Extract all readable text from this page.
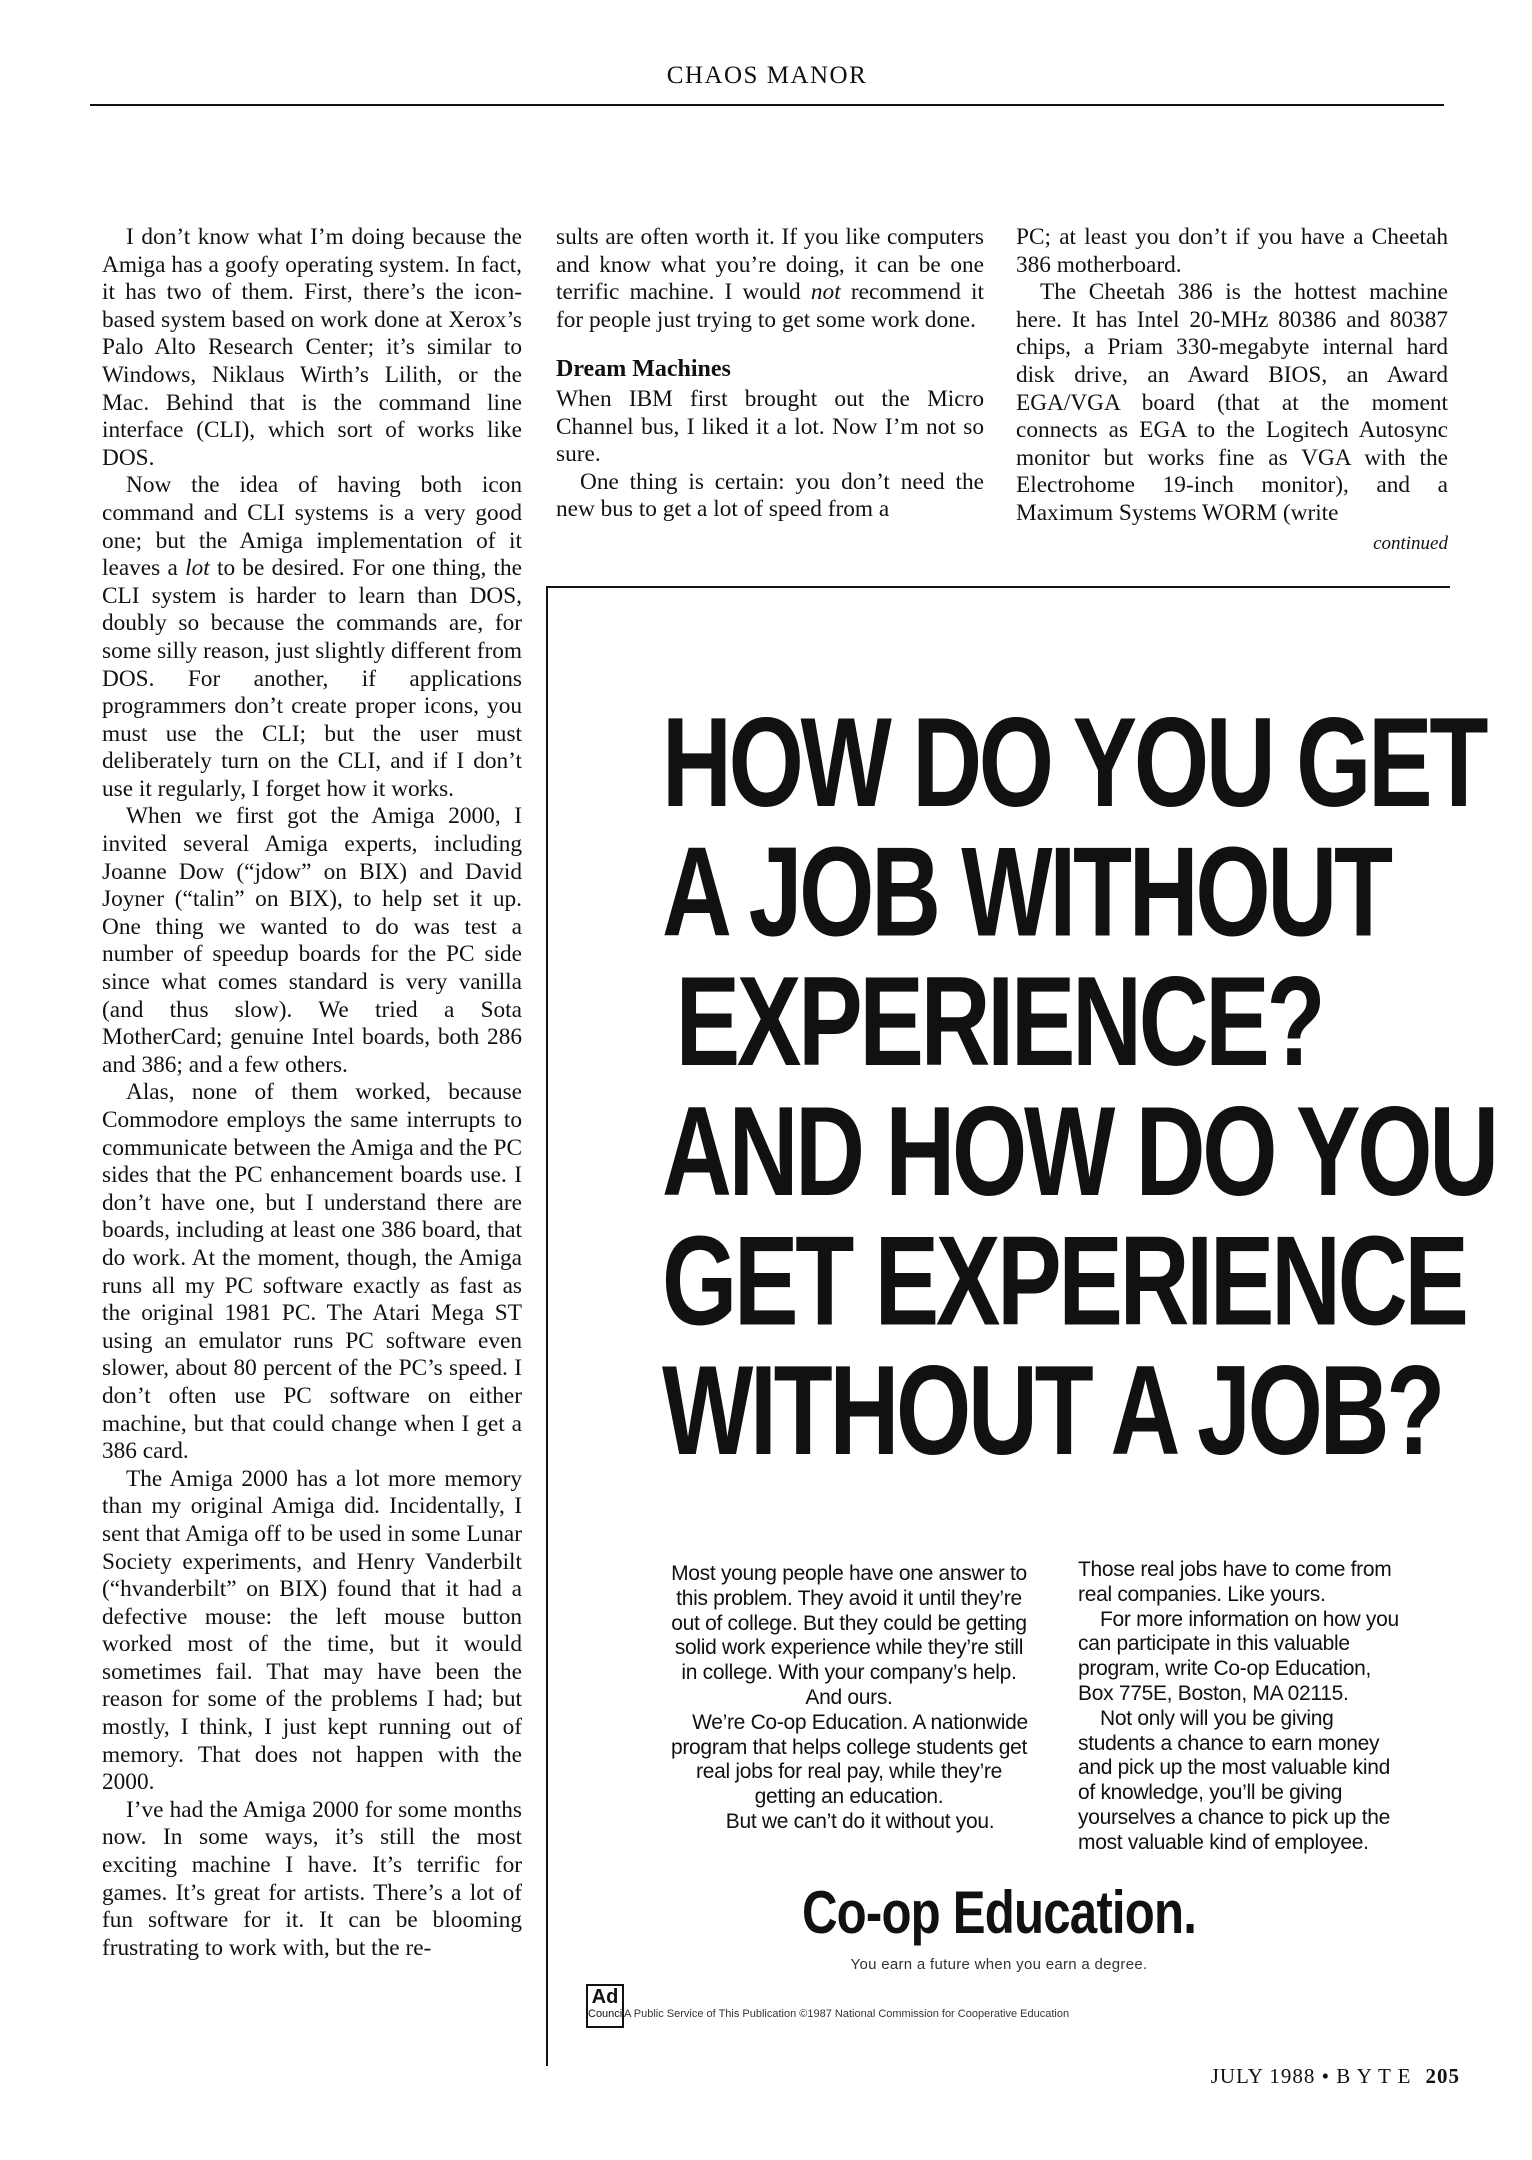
CHAOS MANOR

I don’t know what I’m doing because the Amiga has a goofy operating system. In fact, it has two of them. First, there’s the icon-based system based on work done at Xerox’s Palo Alto Research Center; it’s similar to Windows, Niklaus Wirth’s Lilith, or the Mac. Behind that is the command line interface (CLI), which sort of works like DOS.

Now the idea of having both icon command and CLI systems is a very good one; but the Amiga implementation of it leaves a lot to be desired. For one thing, the CLI system is harder to learn than DOS, doubly so because the commands are, for some silly reason, just slightly different from DOS. For another, if applications programmers don’t create proper icons, you must use the CLI; but the user must deliberately turn on the CLI, and if I don’t use it regularly, I forget how it works.

When we first got the Amiga 2000, I invited several Amiga experts, including Joanne Dow (“jdow” on BIX) and David Joyner (“talin” on BIX), to help set it up. One thing we wanted to do was test a number of speedup boards for the PC side since what comes standard is very vanilla (and thus slow). We tried a Sota MotherCard; genuine Intel boards, both 286 and 386; and a few others.

Alas, none of them worked, because Commodore employs the same interrupts to communicate between the Amiga and the PC sides that the PC enhancement boards use. I don’t have one, but I understand there are boards, including at least one 386 board, that do work. At the moment, though, the Amiga runs all my PC software exactly as fast as the original 1981 PC. The Atari Mega ST using an emulator runs PC software even slower, about 80 percent of the PC’s speed. I don’t often use PC software on either machine, but that could change when I get a 386 card.

The Amiga 2000 has a lot more memory than my original Amiga did. Incidentally, I sent that Amiga off to be used in some Lunar Society experiments, and Henry Vanderbilt (“hvanderbilt” on BIX) found that it had a defective mouse: the left mouse button worked most of the time, but it would sometimes fail. That may have been the reason for some of the problems I had; but mostly, I think, I just kept running out of memory. That does not happen with the 2000.

I’ve had the Amiga 2000 for some months now. In some ways, it’s still the most exciting machine I have. It’s terrific for games. It’s great for artists. There’s a lot of fun software for it. It can be blooming frustrating to work with, but the re-

sults are often worth it. If you like computers and know what you’re doing, it can be one terrific machine. I would not recommend it for people just trying to get some work done.

Dream Machines

When IBM first brought out the Micro Channel bus, I liked it a lot. Now I’m not so sure.

One thing is certain: you don’t need the new bus to get a lot of speed from a

PC; at least you don’t if you have a Cheetah 386 motherboard.

The Cheetah 386 is the hottest machine here. It has Intel 20-MHz 80386 and 80387 chips, a Priam 330-megabyte internal hard disk drive, an Award BIOS, an Award EGA/VGA board (that at the moment connects as EGA to the Logitech Autosync monitor but works fine as VGA with the Electrohome 19-inch monitor), and a Maximum Systems WORM (write

continued
HOW DO YOU GET
A JOB WITHOUT
EXPERIENCE?
AND HOW DO YOU
GET EXPERIENCE
WITHOUT A JOB?

Most young people have one answer to this problem. They avoid it until they’re out of college. But they could be getting solid work experience while they’re still in college. With your company’s help. And ours.

We’re Co-op Education. A nationwide program that helps college students get real jobs for real pay, while they’re getting an education.

But we can’t do it without you.

Those real jobs have to come from real companies. Like yours.

For more information on how you can participate in this valuable program, write Co-op Education, Box 775E, Boston, MA 02115.

Not only will you be giving students a chance to earn money and pick up the most valuable kind of knowledge, you’ll be giving yourselves a chance to pick up the most valuable kind of employee.

Co-op Education.
You earn a future when you earn a degree.
Ad
Council A Public Service of This Publication ©1987 National Commission for Cooperative Education
JULY 1988 • B Y T E 205
